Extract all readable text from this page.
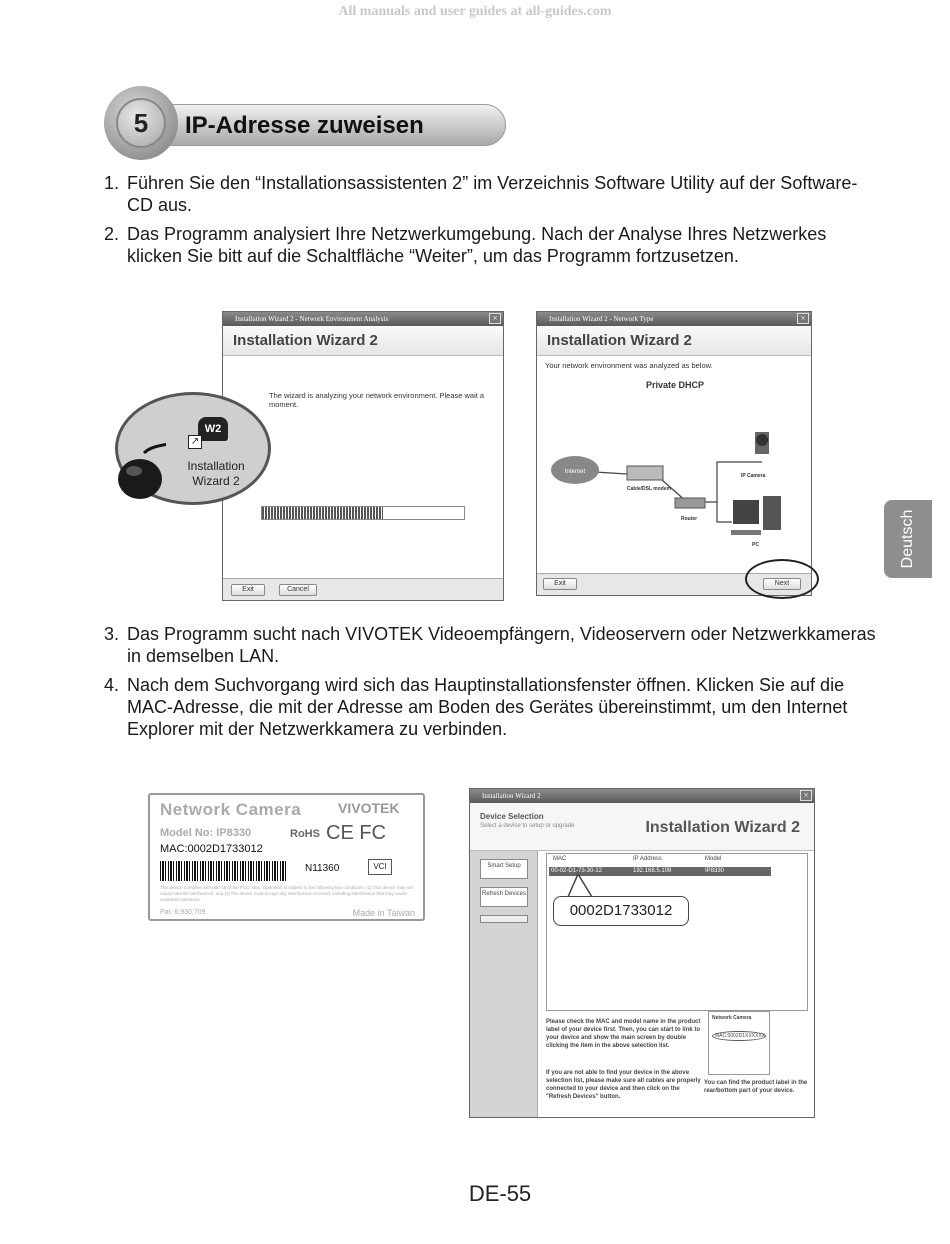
All manuals and user guides at all-guides.com
IP-Adresse zuweisen
5
1. Führen Sie den “Installationsassistenten 2” im Verzeichnis Software Utility auf der Software-CD aus.
2. Das Programm analysiert Ihre Netzwerkumgebung. Nach der Analyse Ihres Netzwerkes klicken Sie bitt auf die Schaltfläche “Weiter”, um das Programm fortzusetzen.
Installation Wizard 2 - Network Environment Analysis	×
Installation Wizard 2
The wizard is analyzing your network environment. Please wait a moment.
Exit	Cancel
W2
↗
Installation Wizard 2
Installation Wizard 2 - Network Type	×
Installation Wizard 2
Your network environment was analyzed as below.
Private DHCP
Internet
Cable/DSL modem
Router
IP Camera
PC
Exit	Next
Deutsch
3. Das Programm sucht nach VIVOTEK Videoempfängern, Videoservern oder Netzwerkkameras in demselben LAN.
4. Nach dem Suchvorgang wird sich das Hauptinstallationsfenster öffnen. Klicken Sie auf die MAC-Adresse, die mit der Adresse am Boden des Gerätes übereinstimmt, um den Internet Explorer mit der Netzwerkkamera zu verbinden.
Network Camera	VIVOTEK
Model No: IP8330	RoHS CE FC
MAC:0002D1733012
N11360	VCI
This device complies with part 15 of the FCC rules. Operation is subject to the following two conditions: (1) This device may not cause harmful interference, and (2) this device must accept any interference received, including interference that may cause undesired operation.
Pat. 6,930,709	Made in Taiwan
Installation Wizard 2	×
Device Selection
Select a device to setup or upgrade	Installation Wizard 2
Smart Setup
Refresh Devices
MAC	IP Address	Model
00-02-D1-73-30-12	192.168.5.109	IP8330
Please check the MAC and model name in the product label of your device first. Then, you can start to link to your device and show the main screen by double clicking the item in the above selection list.
If you are not able to find your device in the above selection list, please make sure all cables are properly connected to your device and then click on the "Refresh Devices" button.
Network Camera
MAC:0002D1XXXXXX
You can find the product label in the rear/bottom part of your device.
0002D1733012
DE-55
